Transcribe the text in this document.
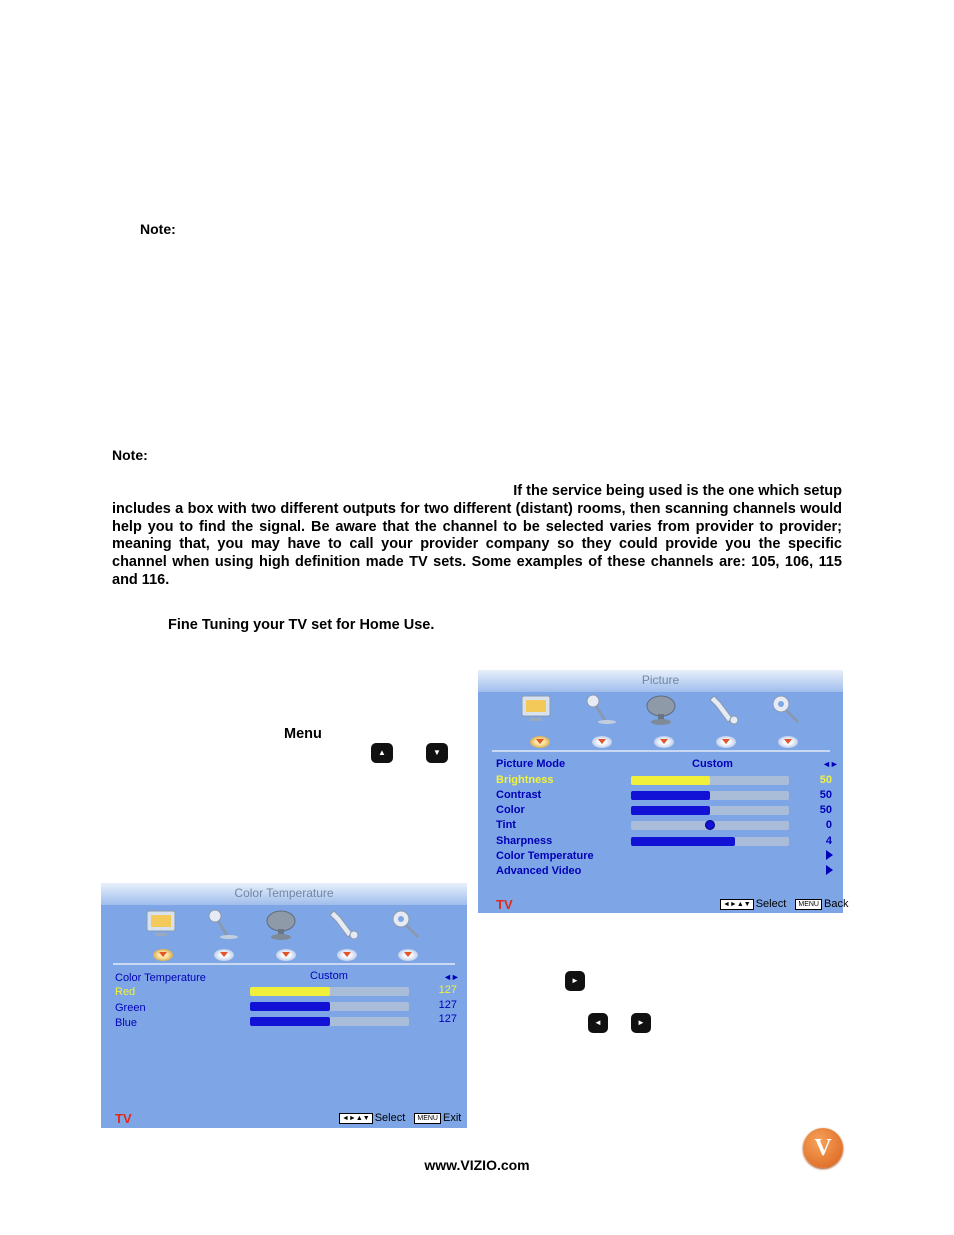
Note:
Note:
If the service being used is the one which setup
includes a box with two different outputs for two different (distant) rooms, then scanning channels would help you to find the signal. Be aware that the channel to be selected varies from provider to provider; meaning that, you may have to call your provider company so they could provide you the specific channel when using high definition made TV sets. Some examples of these channels are: 105, 106, 115 and 116.
Fine Tuning your TV set for Home Use.
Menu
▲	▼
►
◄	►
Picture
Picture Mode	Custom	◄►
Brightness	50
Contrast	50
Color	50
Tint	0
Sharpness	4
Color Temperature
Advanced Video
TV	◄►▲▼ Select MENU Back
Color Temperature
Color Temperature	Custom	◄►
Red	127
Green	127
Blue	127
TV	◄►▲▼ Select MENU Exit
www.VIZIO.com
V
